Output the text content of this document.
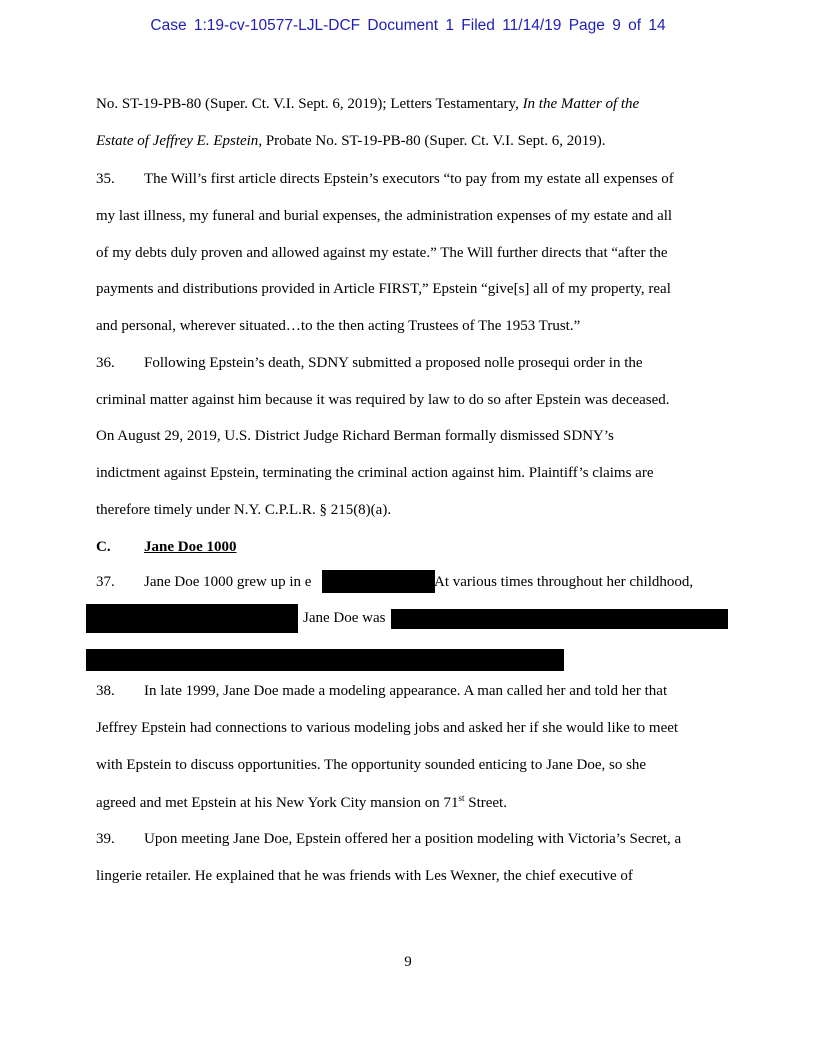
Case 1:19-cv-10577-LJL-DCF Document 1 Filed 11/14/19 Page 9 of 14
No. ST-19-PB-80 (Super. Ct. V.I. Sept. 6, 2019); Letters Testamentary, In the Matter of the
Estate of Jeffrey E. Epstein, Probate No. ST-19-PB-80 (Super. Ct. V.I. Sept. 6, 2019).
35. The Will’s first article directs Epstein’s executors “to pay from my estate all expenses of
my last illness, my funeral and burial expenses, the administration expenses of my estate and all
of my debts duly proven and allowed against my estate.” The Will further directs that “after the
payments and distributions provided in Article FIRST,” Epstein “give[s] all of my property, real
and personal, wherever situated…to the then acting Trustees of The 1953 Trust.”
36. Following Epstein’s death, SDNY submitted a proposed nolle prosequi order in the
criminal matter against him because it was required by law to do so after Epstein was deceased.
On August 29, 2019, U.S. District Judge Richard Berman formally dismissed SDNY’s
indictment against Epstein, terminating the criminal action against him. Plaintiff’s claims are
therefore timely under N.Y. C.P.L.R. § 215(8)(a).
C. Jane Doe 1000
37. Jane Doe 1000 grew up in e	At various times throughout her childhood,
Jane Doe was
38. In late 1999, Jane Doe made a modeling appearance. A man called her and told her that
Jeffrey Epstein had connections to various modeling jobs and asked her if she would like to meet
with Epstein to discuss opportunities. The opportunity sounded enticing to Jane Doe, so she
agreed and met Epstein at his New York City mansion on 71st Street.
39. Upon meeting Jane Doe, Epstein offered her a position modeling with Victoria’s Secret, a
lingerie retailer. He explained that he was friends with Les Wexner, the chief executive of
9
